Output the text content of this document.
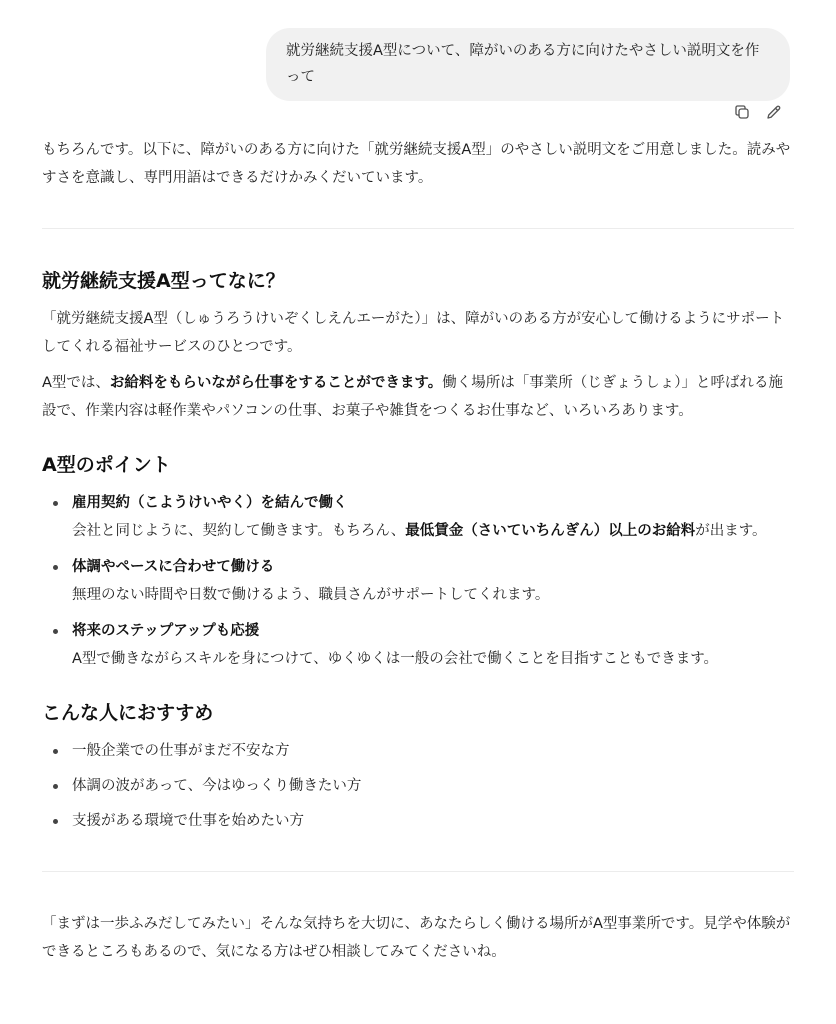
就労継続支援A型について、障がいのある方に向けたやさしい説明文を作って

もちろんです。以下に、障がいのある方に向けた「就労継続支援A型」のやさしい説明文をご用意しました。読みやすさを意識し、専門用語はできるだけかみくだいています。

就労継続支援A型ってなに？

「就労継続支援A型（しゅうろうけいぞくしえんエーがた）」は、障がいのある方が安心して働けるようにサポートしてくれる福祉サービスのひとつです。

A型では、お給料をもらいながら仕事をすることができます。働く場所は「事業所（じぎょうしょ）」と呼ばれる施設で、作業内容は軽作業やパソコンの仕事、お菓子や雑貨をつくるお仕事など、いろいろあります。

A型のポイント
雇用契約（こようけいやく）を結んで働く
会社と同じように、契約して働きます。もちろん、最低賃金（さいていちんぎん）以上のお給料が出ます。
体調やペースに合わせて働ける
無理のない時間や日数で働けるよう、職員さんがサポートしてくれます。
将来のステップアップも応援
A型で働きながらスキルを身につけて、ゆくゆくは一般の会社で働くことを目指すこともできます。
こんな人におすすめ
一般企業での仕事がまだ不安な方
体調の波があって、今はゆっくり働きたい方
支援がある環境で仕事を始めたい方

「まずは一歩ふみだしてみたい」そんな気持ちを大切に、あなたらしく働ける場所がA型事業所です。見学や体験ができるところもあるので、気になる方はぜひ相談してみてくださいね。
